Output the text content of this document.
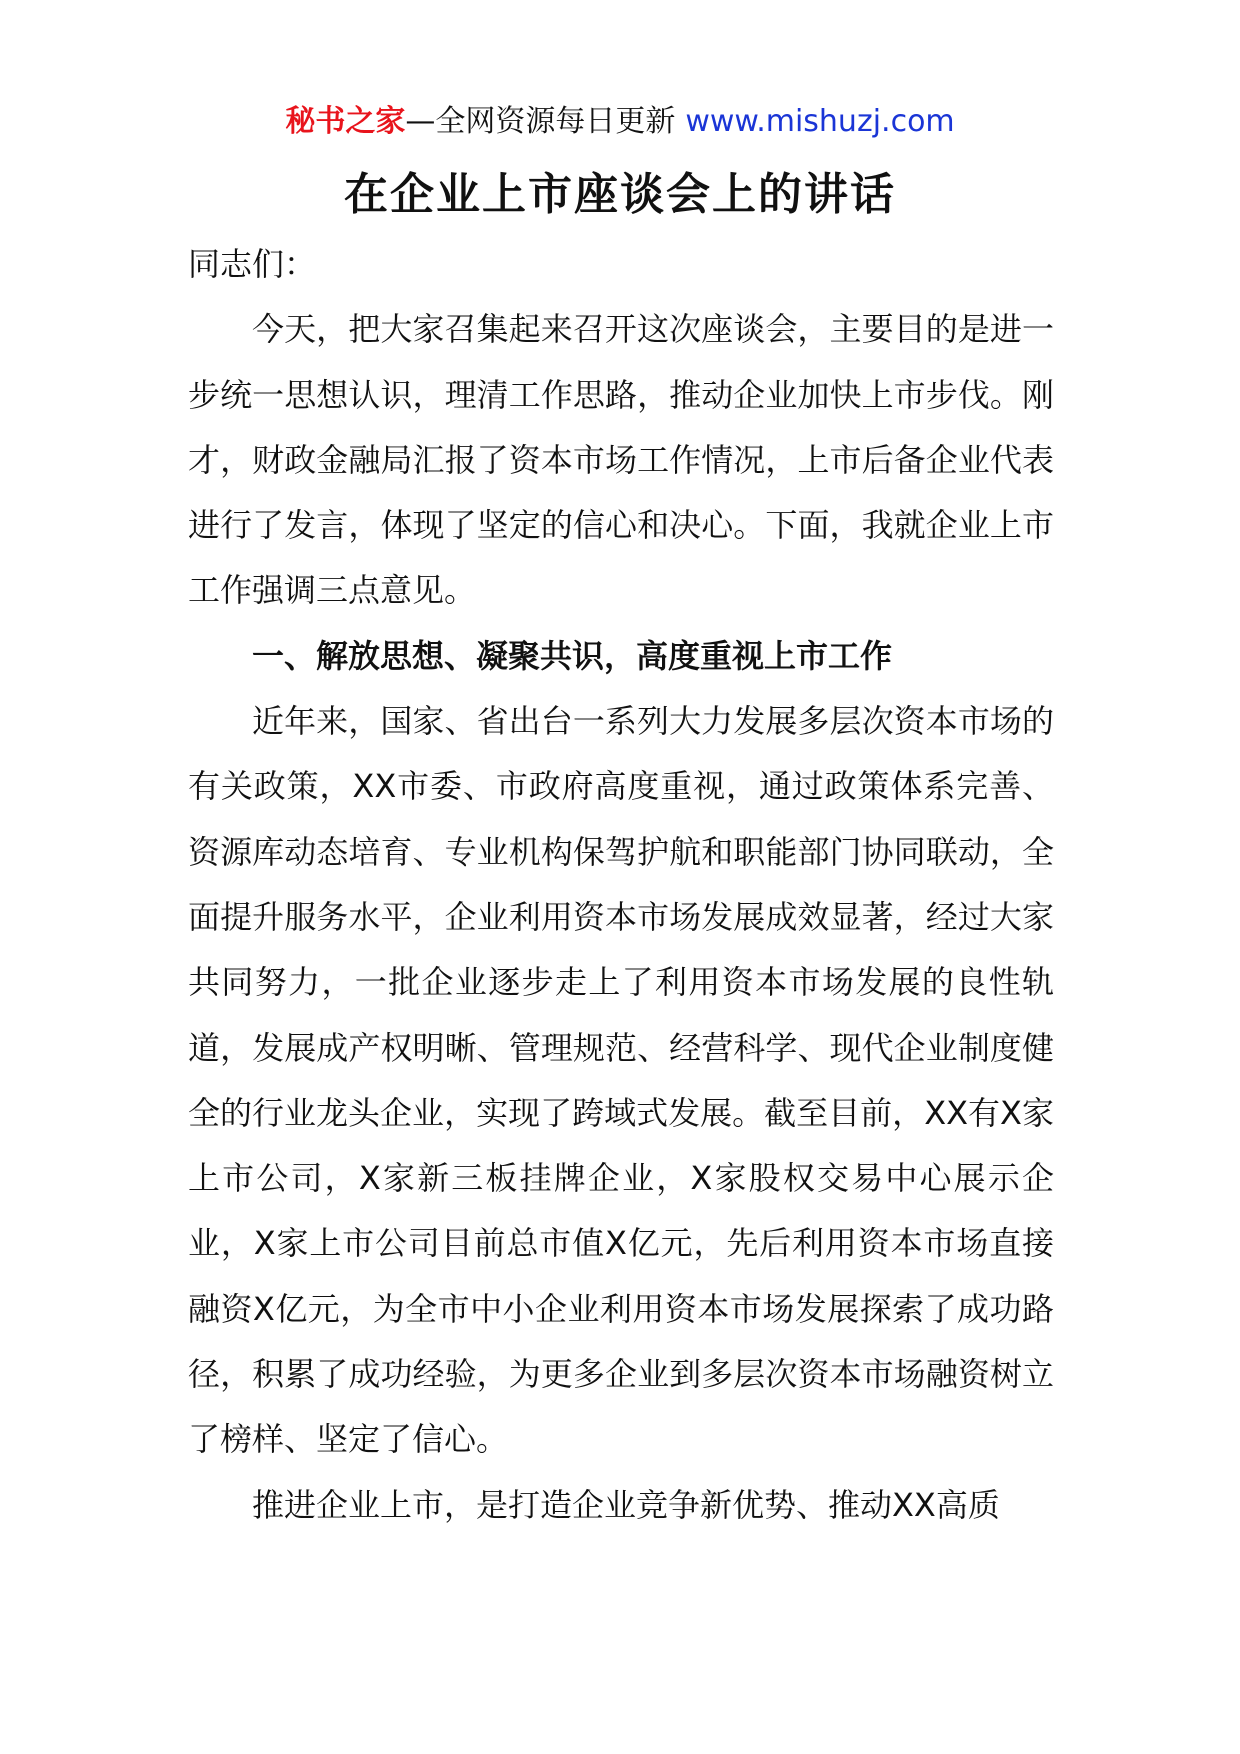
秘书之家—全网资源每日更新 www.mishuzj.com
在企业上市座谈会上的讲话

同志们：

今天，把大家召集起来召开这次座谈会，主要目的是进一步统一思想认识，理清工作思路，推动企业加快上市步伐。刚才，财政金融局汇报了资本市场工作情况，上市后备企业代表进行了发言，体现了坚定的信心和决心。下面，我就企业上市工作强调三点意见。

一、解放思想、凝聚共识，高度重视上市工作

近年来，国家、省出台一系列大力发展多层次资本市场的有关政策，XX市委、市政府高度重视，通过政策体系完善、资源库动态培育、专业机构保驾护航和职能部门协同联动，全面提升服务水平，企业利用资本市场发展成效显著，经过大家共同努力，一批企业逐步走上了利用资本市场发展的良性轨道，发展成产权明晰、管理规范、经营科学、现代企业制度健全的行业龙头企业，实现了跨域式发展。截至目前，XX有X家上市公司，X家新三板挂牌企业，X家股权交易中心展示企业，X家上市公司目前总市值X亿元，先后利用资本市场直接融资X亿元，为全市中小企业利用资本市场发展探索了成功路径，积累了成功经验，为更多企业到多层次资本市场融资树立了榜样、坚定了信心。

推进企业上市，是打造企业竞争新优势、推动XX高质
